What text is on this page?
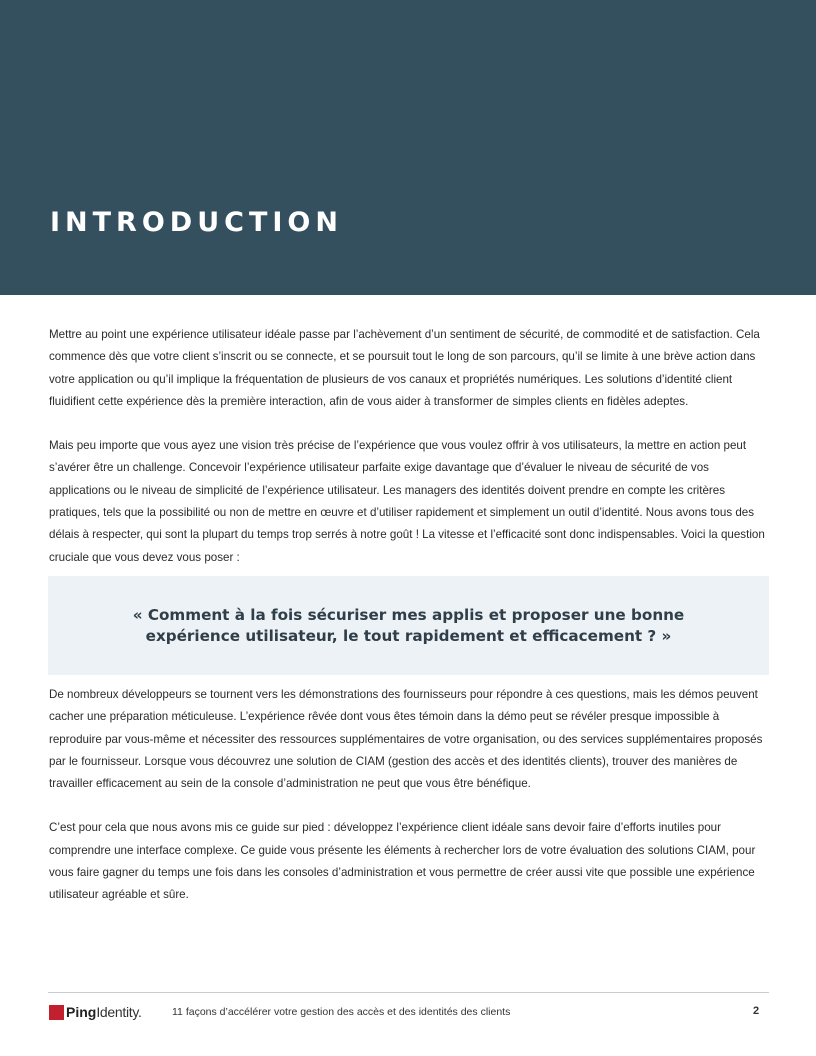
INTRODUCTION

Mettre au point une expérience utilisateur idéale passe par l’achèvement d’un sentiment de sécurité, de commodité et de satisfaction. Cela commence dès que votre client s’inscrit ou se connecte, et se poursuit tout le long de son parcours, qu’il se limite à une brève action dans votre application ou qu’il implique la fréquentation de plusieurs de vos canaux et propriétés numériques. Les solutions d’identité client fluidifient cette expérience dès la première interaction, afin de vous aider à transformer de simples clients en fidèles adeptes.

Mais peu importe que vous ayez une vision très précise de l’expérience que vous voulez offrir à vos utilisateurs, la mettre en action peut s’avérer être un challenge. Concevoir l’expérience utilisateur parfaite exige davantage que d’évaluer le niveau de sécurité de vos applications ou le niveau de simplicité de l’expérience utilisateur. Les managers des identités doivent prendre en compte les critères pratiques, tels que la possibilité ou non de mettre en œuvre et d’utiliser rapidement et simplement un outil d’identité. Nous avons tous des délais à respecter, qui sont la plupart du temps trop serrés à notre goût ! La vitesse et l’efficacité sont donc indispensables. Voici la question cruciale que vous devez vous poser :

« Comment à la fois sécuriser mes applis et proposer une bonne expérience utilisateur, le tout rapidement et efficacement ? »

De nombreux développeurs se tournent vers les démonstrations des fournisseurs pour répondre à ces questions, mais les démos peuvent cacher une préparation méticuleuse. L’expérience rêvée dont vous êtes témoin dans la démo peut se révéler presque impossible à reproduire par vous-même et nécessiter des ressources supplémentaires de votre organisation, ou des services supplémentaires proposés par le fournisseur. Lorsque vous découvrez une solution de CIAM (gestion des accès et des identités clients), trouver des manières de travailler efficacement au sein de la console d’administration ne peut que vous être bénéfique.

C’est pour cela que nous avons mis ce guide sur pied : développez l’expérience client idéale sans devoir faire d’efforts inutiles pour comprendre une interface complexe. Ce guide vous présente les éléments à rechercher lors de votre évaluation des solutions CIAM, pour vous faire gagner du temps une fois dans les consoles d’administration et vous permettre de créer aussi vite que possible une expérience utilisateur agréable et sûre.

Ping Identity.	11 façons d’accélérer votre gestion des accès et des identités des clients	2
